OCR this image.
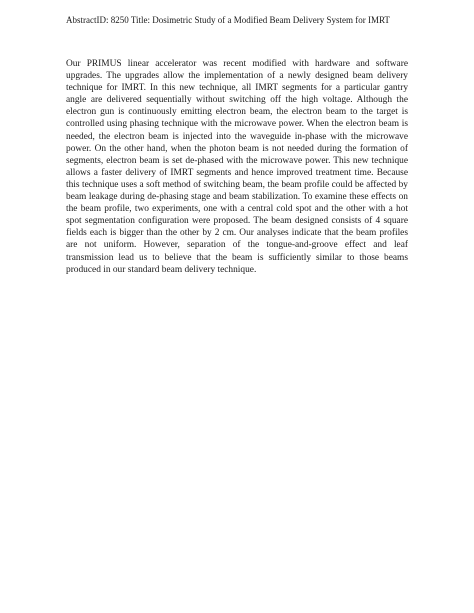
AbstractID: 8250 Title: Dosimetric Study of a Modified Beam Delivery System for IMRT

Our PRIMUS linear accelerator was recent modified with hardware and software upgrades. The upgrades allow the implementation of a newly designed beam delivery technique for IMRT. In this new technique, all IMRT segments for a particular gantry angle are delivered sequentially without switching off the high voltage. Although the electron gun is continuously emitting electron beam, the electron beam to the target is controlled using phasing technique with the microwave power. When the electron beam is needed, the electron beam is injected into the waveguide in-phase with the microwave power. On the other hand, when the photon beam is not needed during the formation of segments, electron beam is set de-phased with the microwave power. This new technique allows a faster delivery of IMRT segments and hence improved treatment time. Because this technique uses a soft method of switching beam, the beam profile could be affected by beam leakage during de-phasing stage and beam stabilization. To examine these effects on the beam profile, two experiments, one with a central cold spot and the other with a hot spot segmentation configuration were proposed. The beam designed consists of 4 square fields each is bigger than the other by 2 cm. Our analyses indicate that the beam profiles are not uniform. However, separation of the tongue-and-groove effect and leaf transmission lead us to believe that the beam is sufficiently similar to those beams produced in our standard beam delivery technique.
